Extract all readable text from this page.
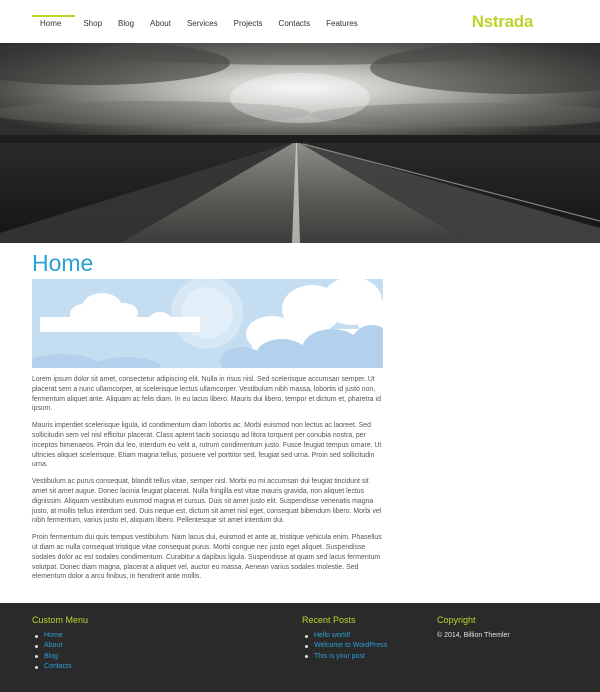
Home	Shop	Blog	About	Services	Projects	Contacts	Features	Nstrada
Home

Lorem ipsum dolor sit amet, consectetur adipiscing elit. Nulla in risus nisl. Sed scelerisque accumsan semper. Ut placerat sem a nunc ullamcorper, at scelerisque lectus ullamcorper. Vestibulum nibh massa, lobortis id justo non, fermentum aliquet ante. Aliquam ac felis diam. In eu lacus libero. Mauris dui libero, tempor et dictum et, pharetra id ipsum.

Mauris imperdiet scelerisque ligula, id condimentum diam lobortis ac. Morbi euismod non lectus ac laoreet. Sed sollicitudin sem vel nisl efficitur placerat. Class aptent taciti sociosqu ad litora torquent per conubia nostra, per inceptos himenaeos. Proin dui leo, interdum eu velit a, rutrum condimentum justo. Fusce feugiat tempus ornare. Ut ultricies aliquet scelerisque. Etiam magna tellus, posuere vel porttitor sed, feugiat sed urna. Proin sed sollicitudin urna.

Vestibulum ac purus consequat, blandit tellus vitae, semper nisl. Morbi eu mi accumsan dui feugiat tincidunt sit amet sit amet augue. Donec lacinia feugiat placerat. Nulla fringilla est vitae mauris gravida, non aliquet lectus dignissim. Aliquam vestibulum euismod magna et cursus. Duis sit amet justo elit. Suspendisse venenatis magna justo, at mollis tellus interdum sed. Duis neque est, dictum sit amet nisl eget, consequat bibendum libero. Morbi vel nibh fermentum, varius justo et, aliquam libero. Pellentesque sit amet interdum dui.

Proin fermentum dui quis tempus vestibulum. Nam lacus dui, euismod et ante at, tristique vehicula enim. Phasellus ut diam ac nulla consequat tristique vitae consequat purus. Morbi congue nec justo eget aliquet. Suspendisse sodales dolor ac est sodales condimentum. Curabitur a dapibus ligula. Suspendisse at quam sed lacus fermentum volutpat. Donec diam magna, placerat a aliquet vel, auctor eu massa. Aenean varius sodales molestie. Sed elementum dolor a arcu finibus, in hendrerit ante mollis.

Custom Menu
Home
About
Blog
Contacts
Recent Posts
Hello world!
Welcome to WordPress
This is your post
Copyright
© 2014, Billion Themler
